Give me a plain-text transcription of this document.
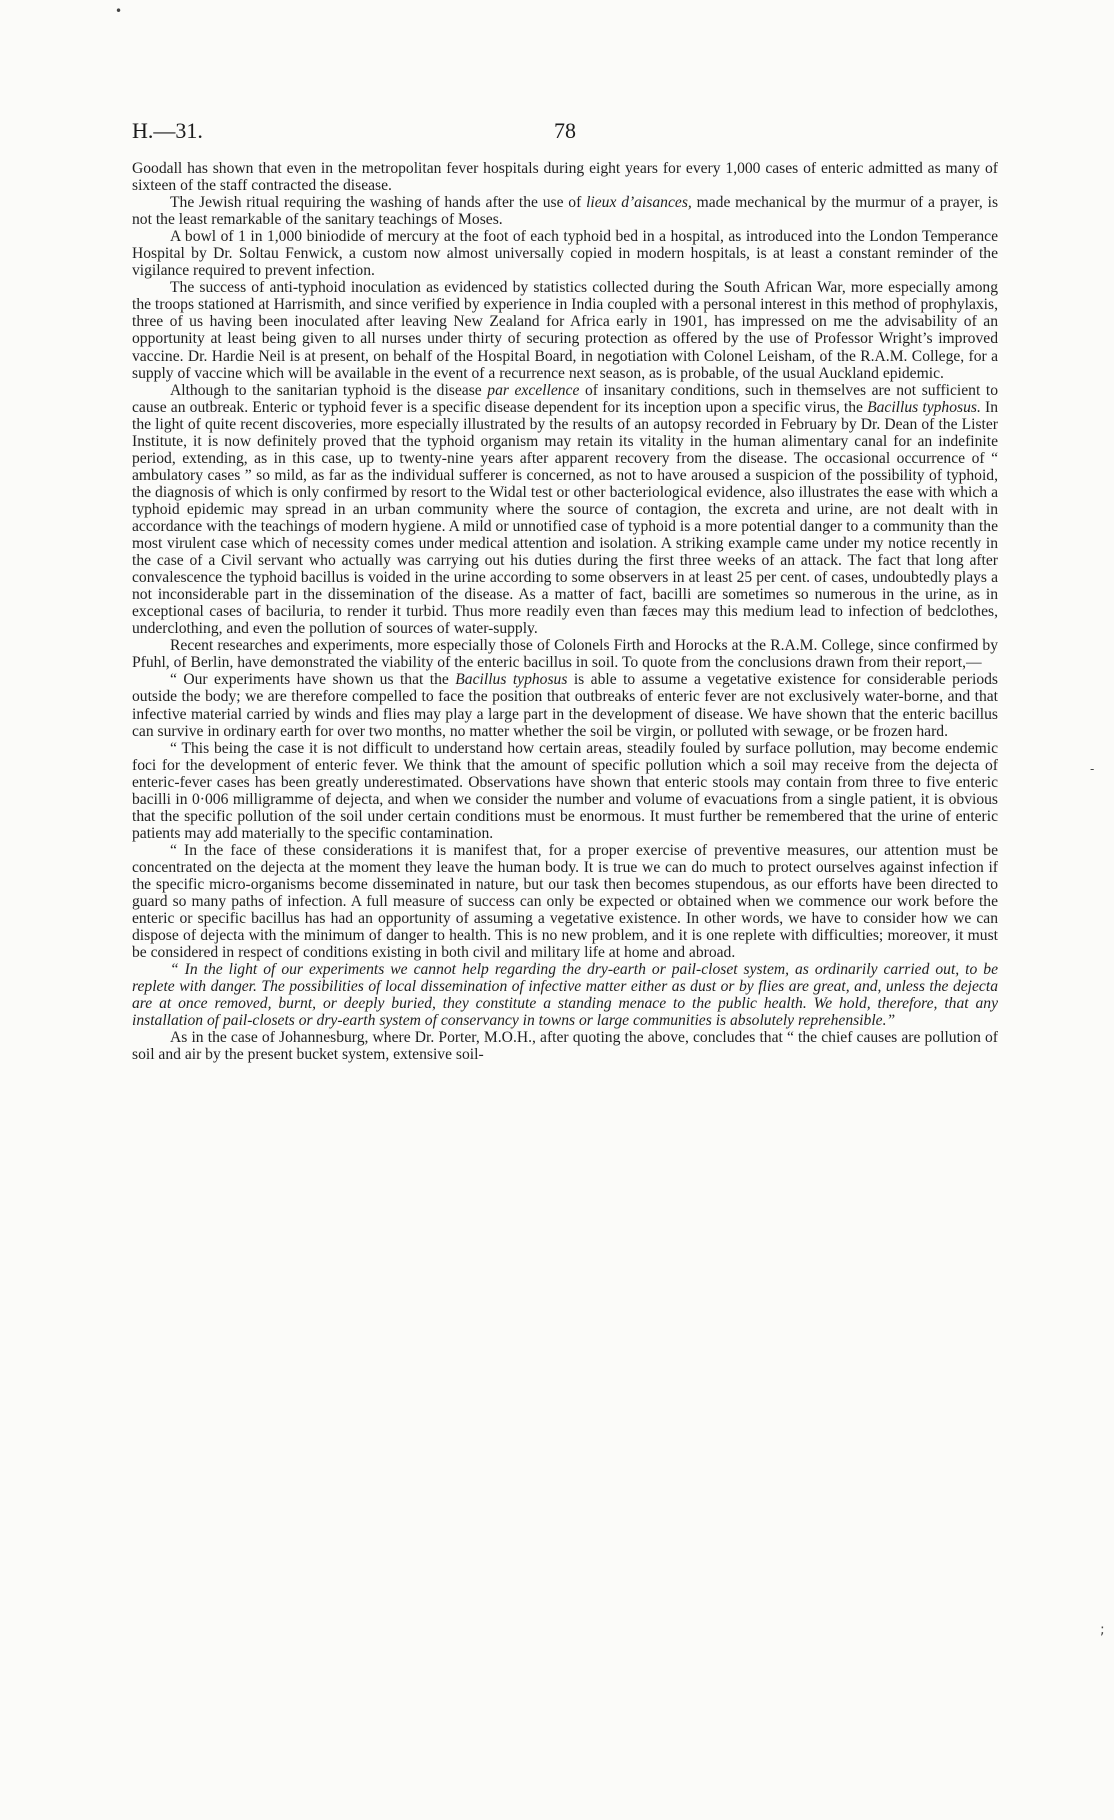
•
-
;
H.—31.	78

Goodall has shown that even in the metropolitan fever hospitals during eight years for every 1,000 cases of enteric admitted as many of sixteen of the staff contracted the disease.

The Jewish ritual requiring the washing of hands after the use of lieux d’aisances, made mechanical by the murmur of a prayer, is not the least remarkable of the sanitary teachings of Moses.

A bowl of 1 in 1,000 biniodide of mercury at the foot of each typhoid bed in a hospital, as introduced into the London Temperance Hospital by Dr. Soltau Fenwick, a custom now almost universally copied in modern hospitals, is at least a constant reminder of the vigilance required to prevent infection.

The success of anti-typhoid inoculation as evidenced by statistics collected during the South African War, more especially among the troops stationed at Harrismith, and since verified by experience in India coupled with a personal interest in this method of prophylaxis, three of us having been inoculated after leaving New Zealand for Africa early in 1901, has impressed on me the advisability of an opportunity at least being given to all nurses under thirty of securing protection as offered by the use of Professor Wright’s improved vaccine. Dr. Hardie Neil is at present, on behalf of the Hospital Board, in negotiation with Colonel Leisham, of the R.A.M. College, for a supply of vaccine which will be available in the event of a recurrence next season, as is probable, of the usual Auckland epidemic.

Although to the sanitarian typhoid is the disease par excellence of insanitary conditions, such in themselves are not sufficient to cause an outbreak. Enteric or typhoid fever is a specific disease dependent for its inception upon a specific virus, the Bacillus typhosus. In the light of quite recent discoveries, more especially illustrated by the results of an autopsy recorded in February by Dr. Dean of the Lister Institute, it is now definitely proved that the typhoid organism may retain its vitality in the human alimentary canal for an indefinite period, extending, as in this case, up to twenty-nine years after apparent recovery from the disease. The occasional occurrence of “ ambulatory cases ” so mild, as far as the individual sufferer is concerned, as not to have aroused a suspicion of the possibility of typhoid, the diagnosis of which is only confirmed by resort to the Widal test or other bacteriological evidence, also illustrates the ease with which a typhoid epidemic may spread in an urban community where the source of contagion, the excreta and urine, are not dealt with in accordance with the teachings of modern hygiene. A mild or unnotified case of typhoid is a more potential danger to a community than the most virulent case which of necessity comes under medical attention and isolation. A striking example came under my notice recently in the case of a Civil servant who actually was carrying out his duties during the first three weeks of an attack. The fact that long after convalescence the typhoid bacillus is voided in the urine according to some observers in at least 25 per cent. of cases, undoubtedly plays a not inconsiderable part in the dissemination of the disease. As a matter of fact, bacilli are sometimes so numerous in the urine, as in exceptional cases of baciluria, to render it turbid. Thus more readily even than fæces may this medium lead to infection of bedclothes, underclothing, and even the pollution of sources of water-supply.

Recent researches and experiments, more especially those of Colonels Firth and Horocks at the R.A.M. College, since confirmed by Pfuhl, of Berlin, have demonstrated the viability of the enteric bacillus in soil. To quote from the conclusions drawn from their report,—

“ Our experiments have shown us that the Bacillus typhosus is able to assume a vegetative existence for considerable periods outside the body; we are therefore compelled to face the position that outbreaks of enteric fever are not exclusively water-borne, and that infective material carried by winds and flies may play a large part in the development of disease. We have shown that the enteric bacillus can survive in ordinary earth for over two months, no matter whether the soil be virgin, or polluted with sewage, or be frozen hard.

“ This being the case it is not difficult to understand how certain areas, steadily fouled by surface pollution, may become endemic foci for the development of enteric fever. We think that the amount of specific pollution which a soil may receive from the dejecta of enteric-fever cases has been greatly underestimated. Observations have shown that enteric stools may contain from three to five enteric bacilli in 0·006 milligramme of dejecta, and when we consider the number and volume of evacuations from a single patient, it is obvious that the specific pollution of the soil under certain conditions must be enormous. It must further be remembered that the urine of enteric patients may add materially to the specific contamination.

“ In the face of these considerations it is manifest that, for a proper exercise of preventive measures, our attention must be concentrated on the dejecta at the moment they leave the human body. It is true we can do much to protect ourselves against infection if the specific micro-organisms become disseminated in nature, but our task then becomes stupendous, as our efforts have been directed to guard so many paths of infection. A full measure of success can only be expected or obtained when we commence our work before the enteric or specific bacillus has had an opportunity of assuming a vegetative existence. In other words, we have to consider how we can dispose of dejecta with the minimum of danger to health. This is no new problem, and it is one replete with difficulties; moreover, it must be considered in respect of conditions existing in both civil and military life at home and abroad.

“ In the light of our experiments we cannot help regarding the dry-earth or pail-closet system, as ordinarily carried out, to be replete with danger. The possibilities of local dissemination of infective matter either as dust or by flies are great, and, unless the dejecta are at once removed, burnt, or deeply buried, they constitute a standing menace to the public health. We hold, therefore, that any installation of pail-closets or dry-earth system of conservancy in towns or large communities is absolutely reprehensible.”

As in the case of Johannesburg, where Dr. Porter, M.O.H., after quoting the above, concludes that “ the chief causes are pollution of soil and air by the present bucket system, extensive soil-
